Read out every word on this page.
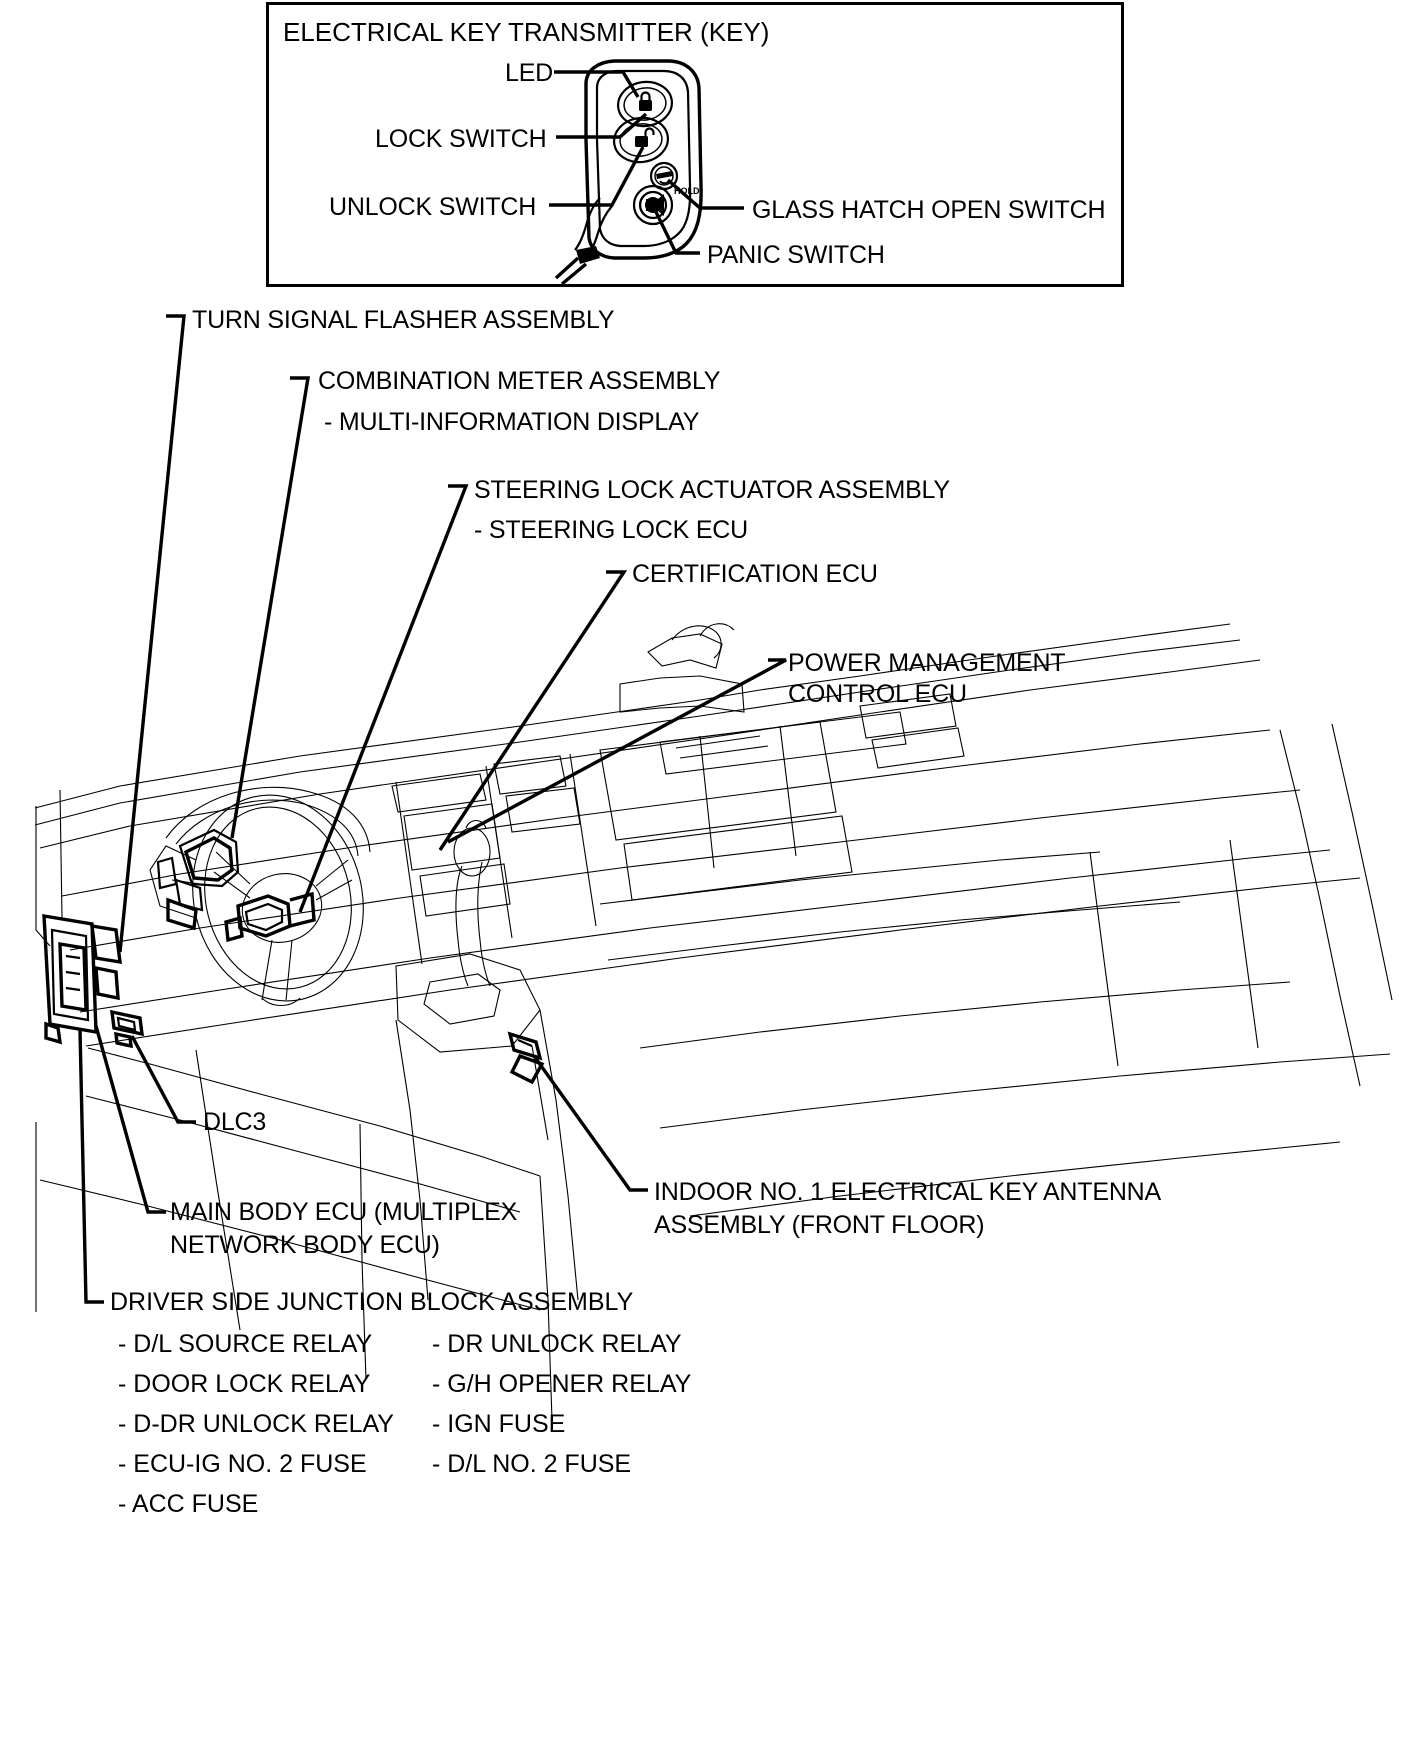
ELECTRICAL KEY TRANSMITTER (KEY)
HOLD
LED
LOCK SWITCH
UNLOCK SWITCH	GLASS HATCH OPEN SWITCH
PANIC SWITCH
TURN SIGNAL FLASHER ASSEMBLY
COMBINATION METER ASSEMBLY
- MULTI-INFORMATION DISPLAY
STEERING LOCK ACTUATOR ASSEMBLY
- STEERING LOCK ECU
CERTIFICATION ECU
POWER MANAGEMENT
CONTROL ECU
DLC3
MAIN BODY ECU (MULTIPLEX
NETWORK BODY ECU)
INDOOR NO. 1 ELECTRICAL KEY ANTENNA
ASSEMBLY (FRONT FLOOR)
DRIVER SIDE JUNCTION BLOCK ASSEMBLY
- D/L SOURCE RELAY - DR UNLOCK RELAY
- DOOR LOCK RELAY - G/H OPENER RELAY
- D-DR UNLOCK RELAY - IGN FUSE
- ECU-IG NO. 2 FUSE	- D/L NO. 2 FUSE
- ACC FUSE
